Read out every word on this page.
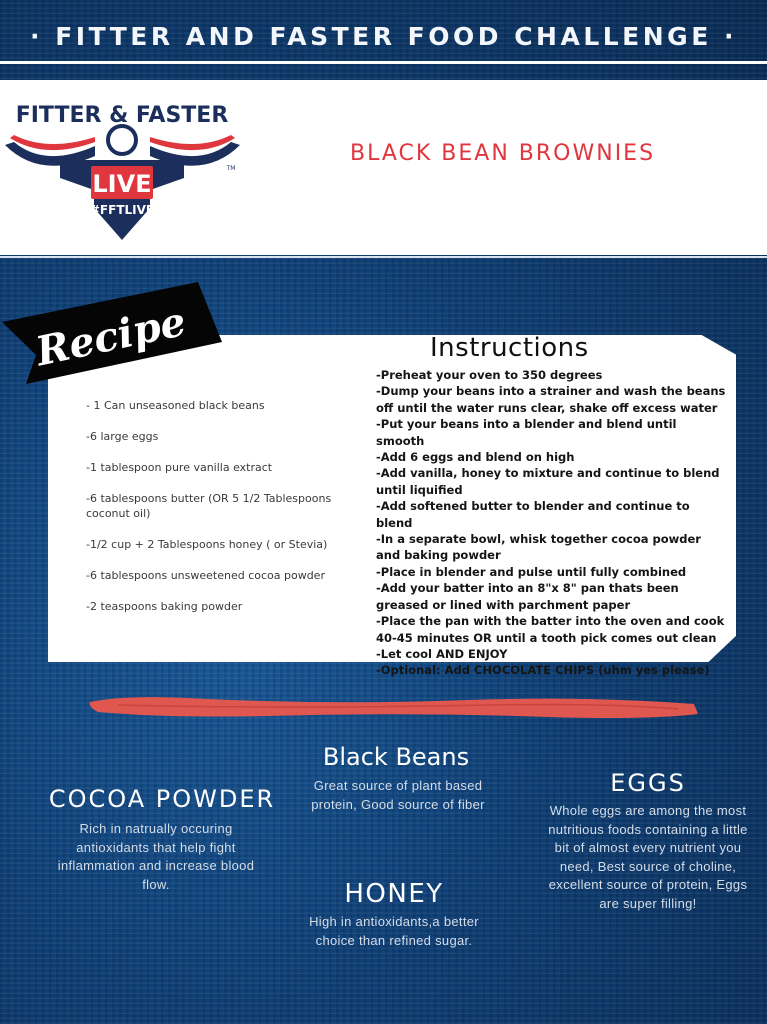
· FITTER AND FASTER FOOD CHALLENGE ·
FITTER & FASTER
LIVE
#FFTLIVE
TM
BLACK BEAN BROWNIES
Recipe
- 1 Can unseasoned black beans
-6 large eggs
-1 tablespoon pure vanilla extract
-6 tablespoons butter (OR 5 1/2 Tablespoons coconut oil)
-1/2 cup + 2 Tablespoons honey ( or Stevia)
-6 tablespoons unsweetened cocoa powder
-2 teaspoons baking powder
Instructions
-Preheat your oven to 350 degrees
-Dump your beans into a strainer and wash the beans off until the water runs clear, shake off excess water
-Put your beans into a blender and blend until smooth
-Add 6 eggs and blend on high
-Add vanilla, honey to mixture and continue to blend until liquified
-Add softened butter to blender and continue to blend
-In a separate bowl, whisk together cocoa powder and baking powder
-Place in blender and pulse until fully combined
-Add your batter into an 8"x 8" pan thats been greased or lined with parchment paper
-Place the pan with the batter into the oven and cook 40-45 minutes OR until a tooth pick comes out clean
-Let cool AND ENJOY
-Optional: Add CHOCOLATE CHIPS (uhm yes please)
COCOA POWDER
Rich in natrually occuring antioxidants that help fight inflammation and increase blood flow.
Black Beans
Great source of plant based protein, Good source of fiber
EGGS
Whole eggs are among the most nutritious foods containing a little bit of almost every nutrient you need, Best source of choline, excellent source of protein, Eggs are super filling!
HONEY
High in antioxidants,a better choice than refined sugar.
